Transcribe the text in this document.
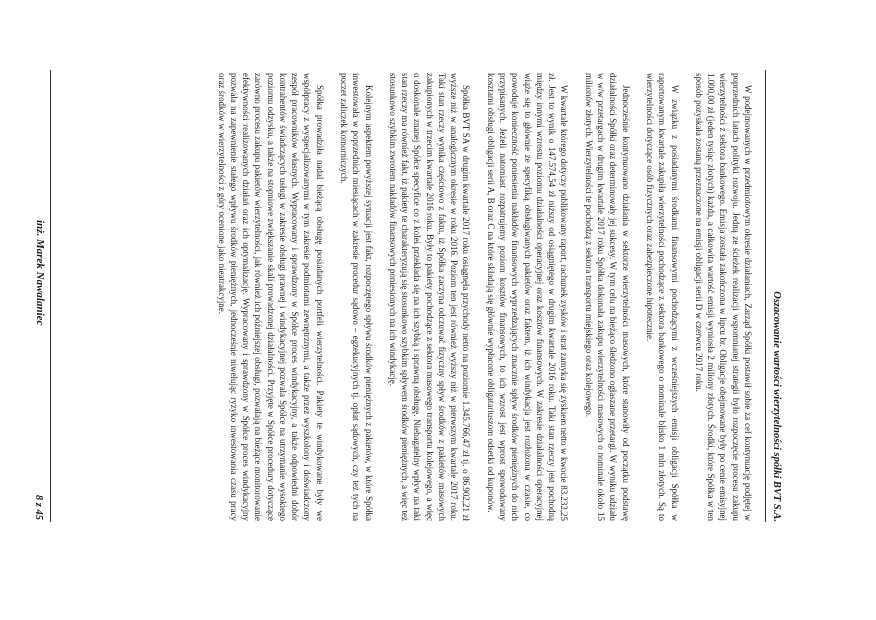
Oszacowanie wartości wierzytelności spółki BVT S.A.

W podejmowanych w przedmiotowym okresie działaniach, Zarząd Spółki postawił sobie za cel kontynuację podjętej w poprzednich latach polityki rozwoju. Jedną ze ścieżek realizacji wspomnianej strategii było rozpoczęcie procesu zakupu wierzytelności z sektora bankowego. Emisja została zakończona w lipcu br. Obligacje obejmowane były po cenie emisyjnej 1.000,00 zł (jeden tysiąc złotych) każda, a całkowita wartość emisji wyniosła 2 miliony złotych. Środki, które Spółka w ten sposób pozyskała zostaną przeznaczone na emisji obligacji serii D w czerwcu 2017 roku.

W związku z posiadanymi środkami finansowymi pochodzącymi z wcześniejszych emisji obligacji Spółka w raportowanym kwartale zakupiła wierzytelności pochodzące z sektora bankowego o nominale blisko 1 mln złotych. Są to wierzytelności dotyczące osób fizycznych oraz zabezpieczone hipotecznie.

Jednocześnie kontynuowano działania w sektorze wierzytelności masowych, które stanowiły od początku podstawę działalności Spółki oraz determinowały jej sukcesy. W tym celu na bieżąco śledzono ogłaszane przetargi. W wyniku udziału w w/w przetargach w drugim kwartale 2017 roku Spółka dokonała zakupu wierzytelności masowych o nominale około 15 milionów złotych. Wierzytelności te pochodzą z sektora transportu miejskiego oraz kolejowego.

W kwartale którego dotyczy publikowany raport, rachunek zysków i strat zamyka się zyskiem netto w kwocie 83.232,25 zł. Jest to wynik o 147.574,54 zł niższy od osiągniętego w drugim kwartale 2016 roku. Taki stan rzeczy jest pochodną między innymi wzrostu poziomu działalności operacyjnej oraz kosztów finansowych. W zakresie działalności operacyjnej wiąże się to głównie ze specyfiką obsługiwanych pakietów oraz faktem, iż ich windykacja jest rozłożona w czasie, co powoduje konieczność poniesienia nakładów finansowych wyprzedzających znacznie spływ środków pieniężnych do nich przypisanych. Jeżeli natomiast rozpatrujemy poziom kosztów finansowych, to ich wzrost jest wprost spowodowany kosztami obsługi obligacji serii A, B oraz C na które składają się głównie wypłacone obligatariuszom odsetki od kuponów.

Spółka BVT SA w drugim kwartale 2017 roku osiągnęła przychody netto na poziomie 1.345.766,47 zł tj. o 86.902,21 zł wyższe niż w analogicznym okresie w roku 2016. Poziom ten jest również wyższy niż w pierwszym kwartale 2017 roku. Taki stan rzeczy wynika częściowo z faktu, iż Spółka zaczyna odczuwać fizyczny spływ środków z pakietów masowych zakupionych w trzecim kwartale 2016 roku. Były to pakiety pochodzące z sektora masowego transportu kolejowego, a więc o doskonale znanej Spółce specyfice co z kolei przekłada się na ich szybką i sprawną obsługę. Niebagatelny wpływ na taki stan rzeczy ma również fakt, iż pakiety te charakteryzują się stosunkowo szybkim spływem środków pieniężnych, a więc też stosunkowo szybkim zwrotem nakładów finansowych poniesionych na ich windykację.

Kolejnym aspektem powyższej sytuacji jest fakt, rozpoczętego spływu środków pieniężnych z pakietów, w które Spółka inwestowała w poprzednich miesiącach w zakresie procedur sądowo – egzekucyjnych tj. opłat sądowych, czy też tych na poczet zaliczek komorniczych.

Spółka prowadziła nadal bieżącą obsługę posiadanych portfeli wierzytelności. Pakiety te windykowane były we współpracy z wyspecjalizowanymi w tym zakresie podmiotami zewnętrznymi, a także przez wyszkolony i doświadczony zespół pracowników własnych. Wypracowany i sprawdzony w Spółce proces windykacyjny, a także odpowiedni dobór kontrahentów świadczących usługi w zakresie obsługi prawnej i windykacyjnej pozwala Spółce na utrzymanie wysokiego poziomu odzysku, a także na stopniowe zwiększanie skali prowadzonej działalności. Przyjęte w Spółce procedury dotyczące zarówno procesu zakupu pakietów wierzytelności, jak również ich późniejszej obsługi, pozwalają na bieżące monitorowanie efektywności realizowanych działań oraz ich optymalizację. Wypracowany i sprawdzony w Spółce proces windykacyjny pozwala na zapewnienie stałego wpływu środków pieniężnych, jednocześnie niwelując ryzyko inwestowania czasu pracy oraz środków w wierzytelności z góry ocenione jako nieatrakcyjne.

inż. Marek Nawalaniec
8 z 45
